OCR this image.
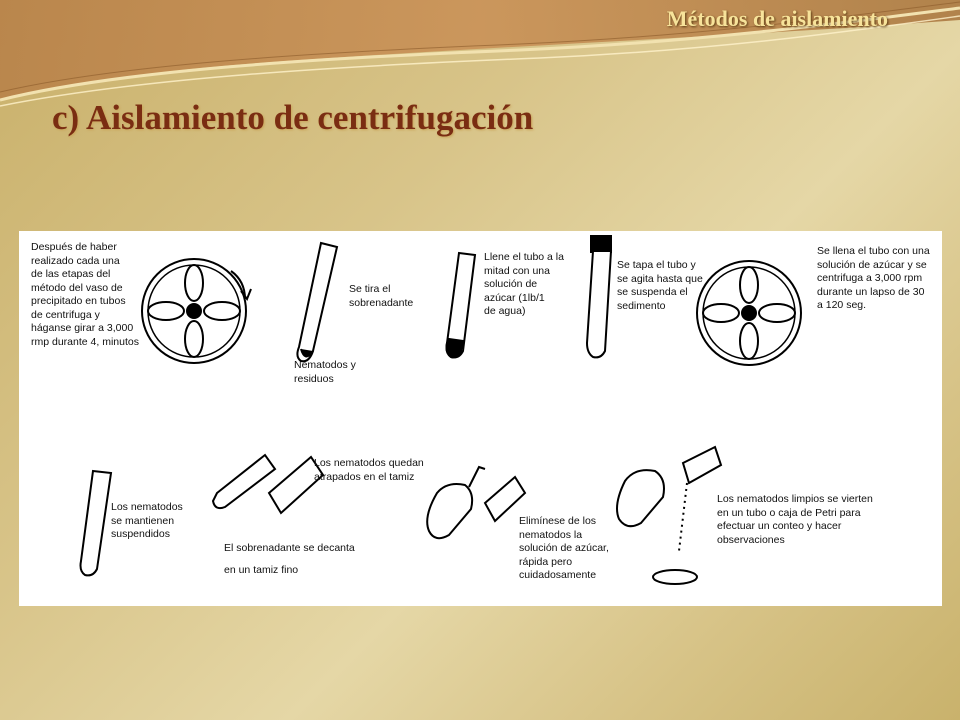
Métodos de aislamiento
c) Aislamiento de centrifugación
Después de haber
realizado cada una
de las etapas del
método del vaso de
precipitado en tubos
de centrifuga y
háganse girar a 3,000
rmp durante 4, minutos
Se tira el
sobrenadante
Nematodos y
residuos
Llene el tubo a la
mitad con una
solución de
azúcar (1lb/1
de agua)
Se tapa el tubo y
se agita hasta que
se suspenda el
sedimento
Se llena el tubo con una
solución de azúcar y se
centrifuga a 3,000 rpm
durante un lapso de 30
a 120 seg.
Los nematodos
se mantienen
suspendidos
Los nematodos quedan
atrapados en el tamiz
El sobrenadante se decanta
en un tamiz fino
Elimínese de los
nematodos la
solución de azúcar,
rápida pero
cuidadosamente
Los nematodos limpios se vierten
en un tubo o caja de Petri para
efectuar un conteo y hacer
observaciones
